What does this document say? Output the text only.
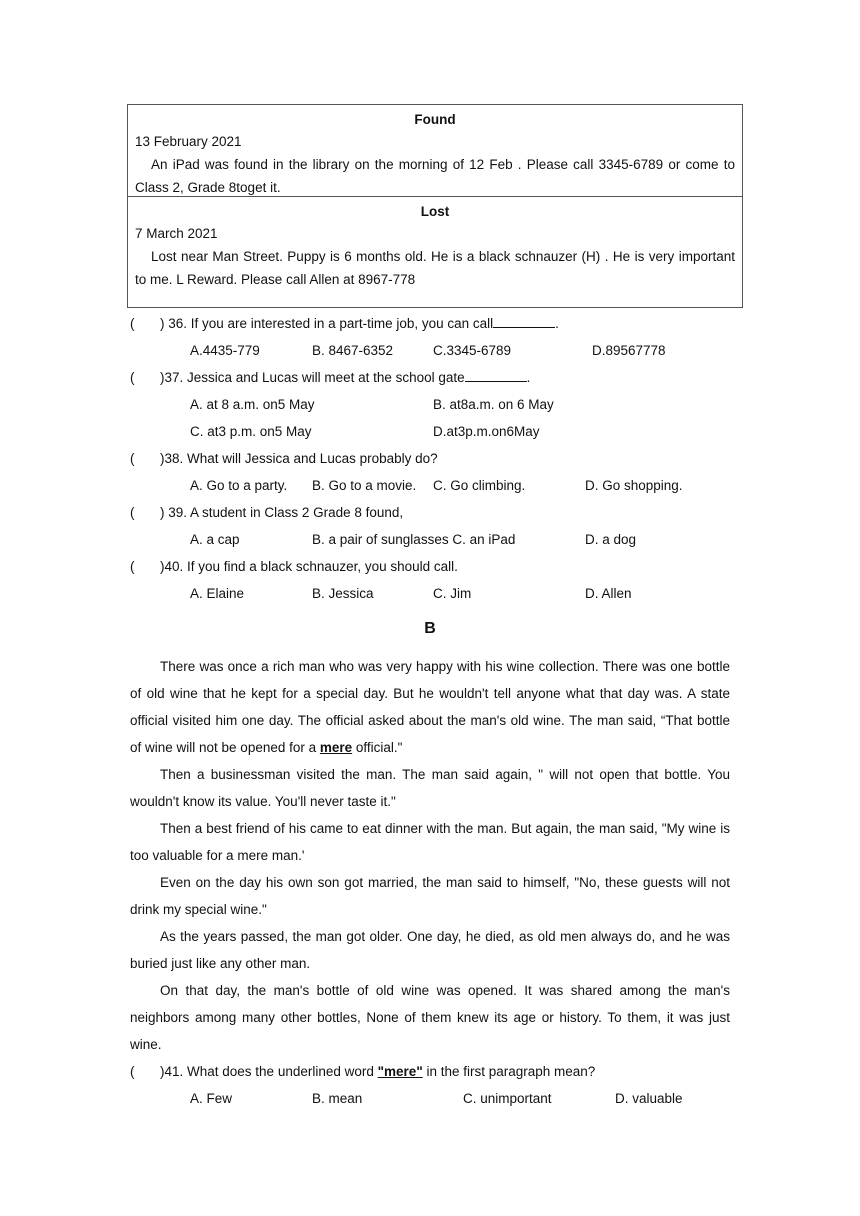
Found
13 February 2021
An iPad was found in the library on the morning of 12 Feb . Please call 3345-6789 or come to Class 2, Grade 8toget it.
Lost
7 March 2021
Lost near Man Street. Puppy is 6 months old. He is a black schnauzer (H) . He is very important to me. L Reward. Please call Allen at 8967-778
( ) 36. If you are interested in a part-time job, you can call	.
A.4435-779	B. 8467-6352	C.3345-6789	D.89567778
( )37. Jessica and Lucas will meet at the school gate	.
A. at 8 a.m. on5 May	B. at8a.m. on 6 May
C. at3 p.m. on5 May	D.at3p.m.on6May
( )38. What will Jessica and Lucas probably do?
A. Go to a party. B. Go to a movie. C. Go climbing.	D. Go shopping.
( ) 39. A student in Class 2 Grade 8 found,
A. a cap	B. a pair of sunglasses C. an iPad	D. a dog
( )40. If you find a black schnauzer, you should call.
A. Elaine	B. Jessica	C. Jim	D. Allen
B

There was once a rich man who was very happy with his wine collection. There was one bottle of old wine that he kept for a special day. But he wouldn't tell anyone what that day was. A state official visited him one day. The official asked about the man's old wine. The man said, “That bottle of wine will not be opened for a mere official."

Then a businessman visited the man. The man said again, " will not open that bottle. You wouldn't know its value. You'll never taste it."

Then a best friend of his came to eat dinner with the man. But again, the man said, "My wine is too valuable for a mere man.'

Even on the day his own son got married, the man said to himself, "No, these guests will not drink my special wine."

As the years passed, the man got older. One day, he died, as old men always do, and he was buried just like any other man.

On that day, the man's bottle of old wine was opened. It was shared among the man's neighbors among many other bottles, None of them knew its age or history. To them, it was just wine.

( )41. What does the underlined word "mere" in the first paragraph mean?
A. Few	B. mean	C. unimportant	D. valuable
